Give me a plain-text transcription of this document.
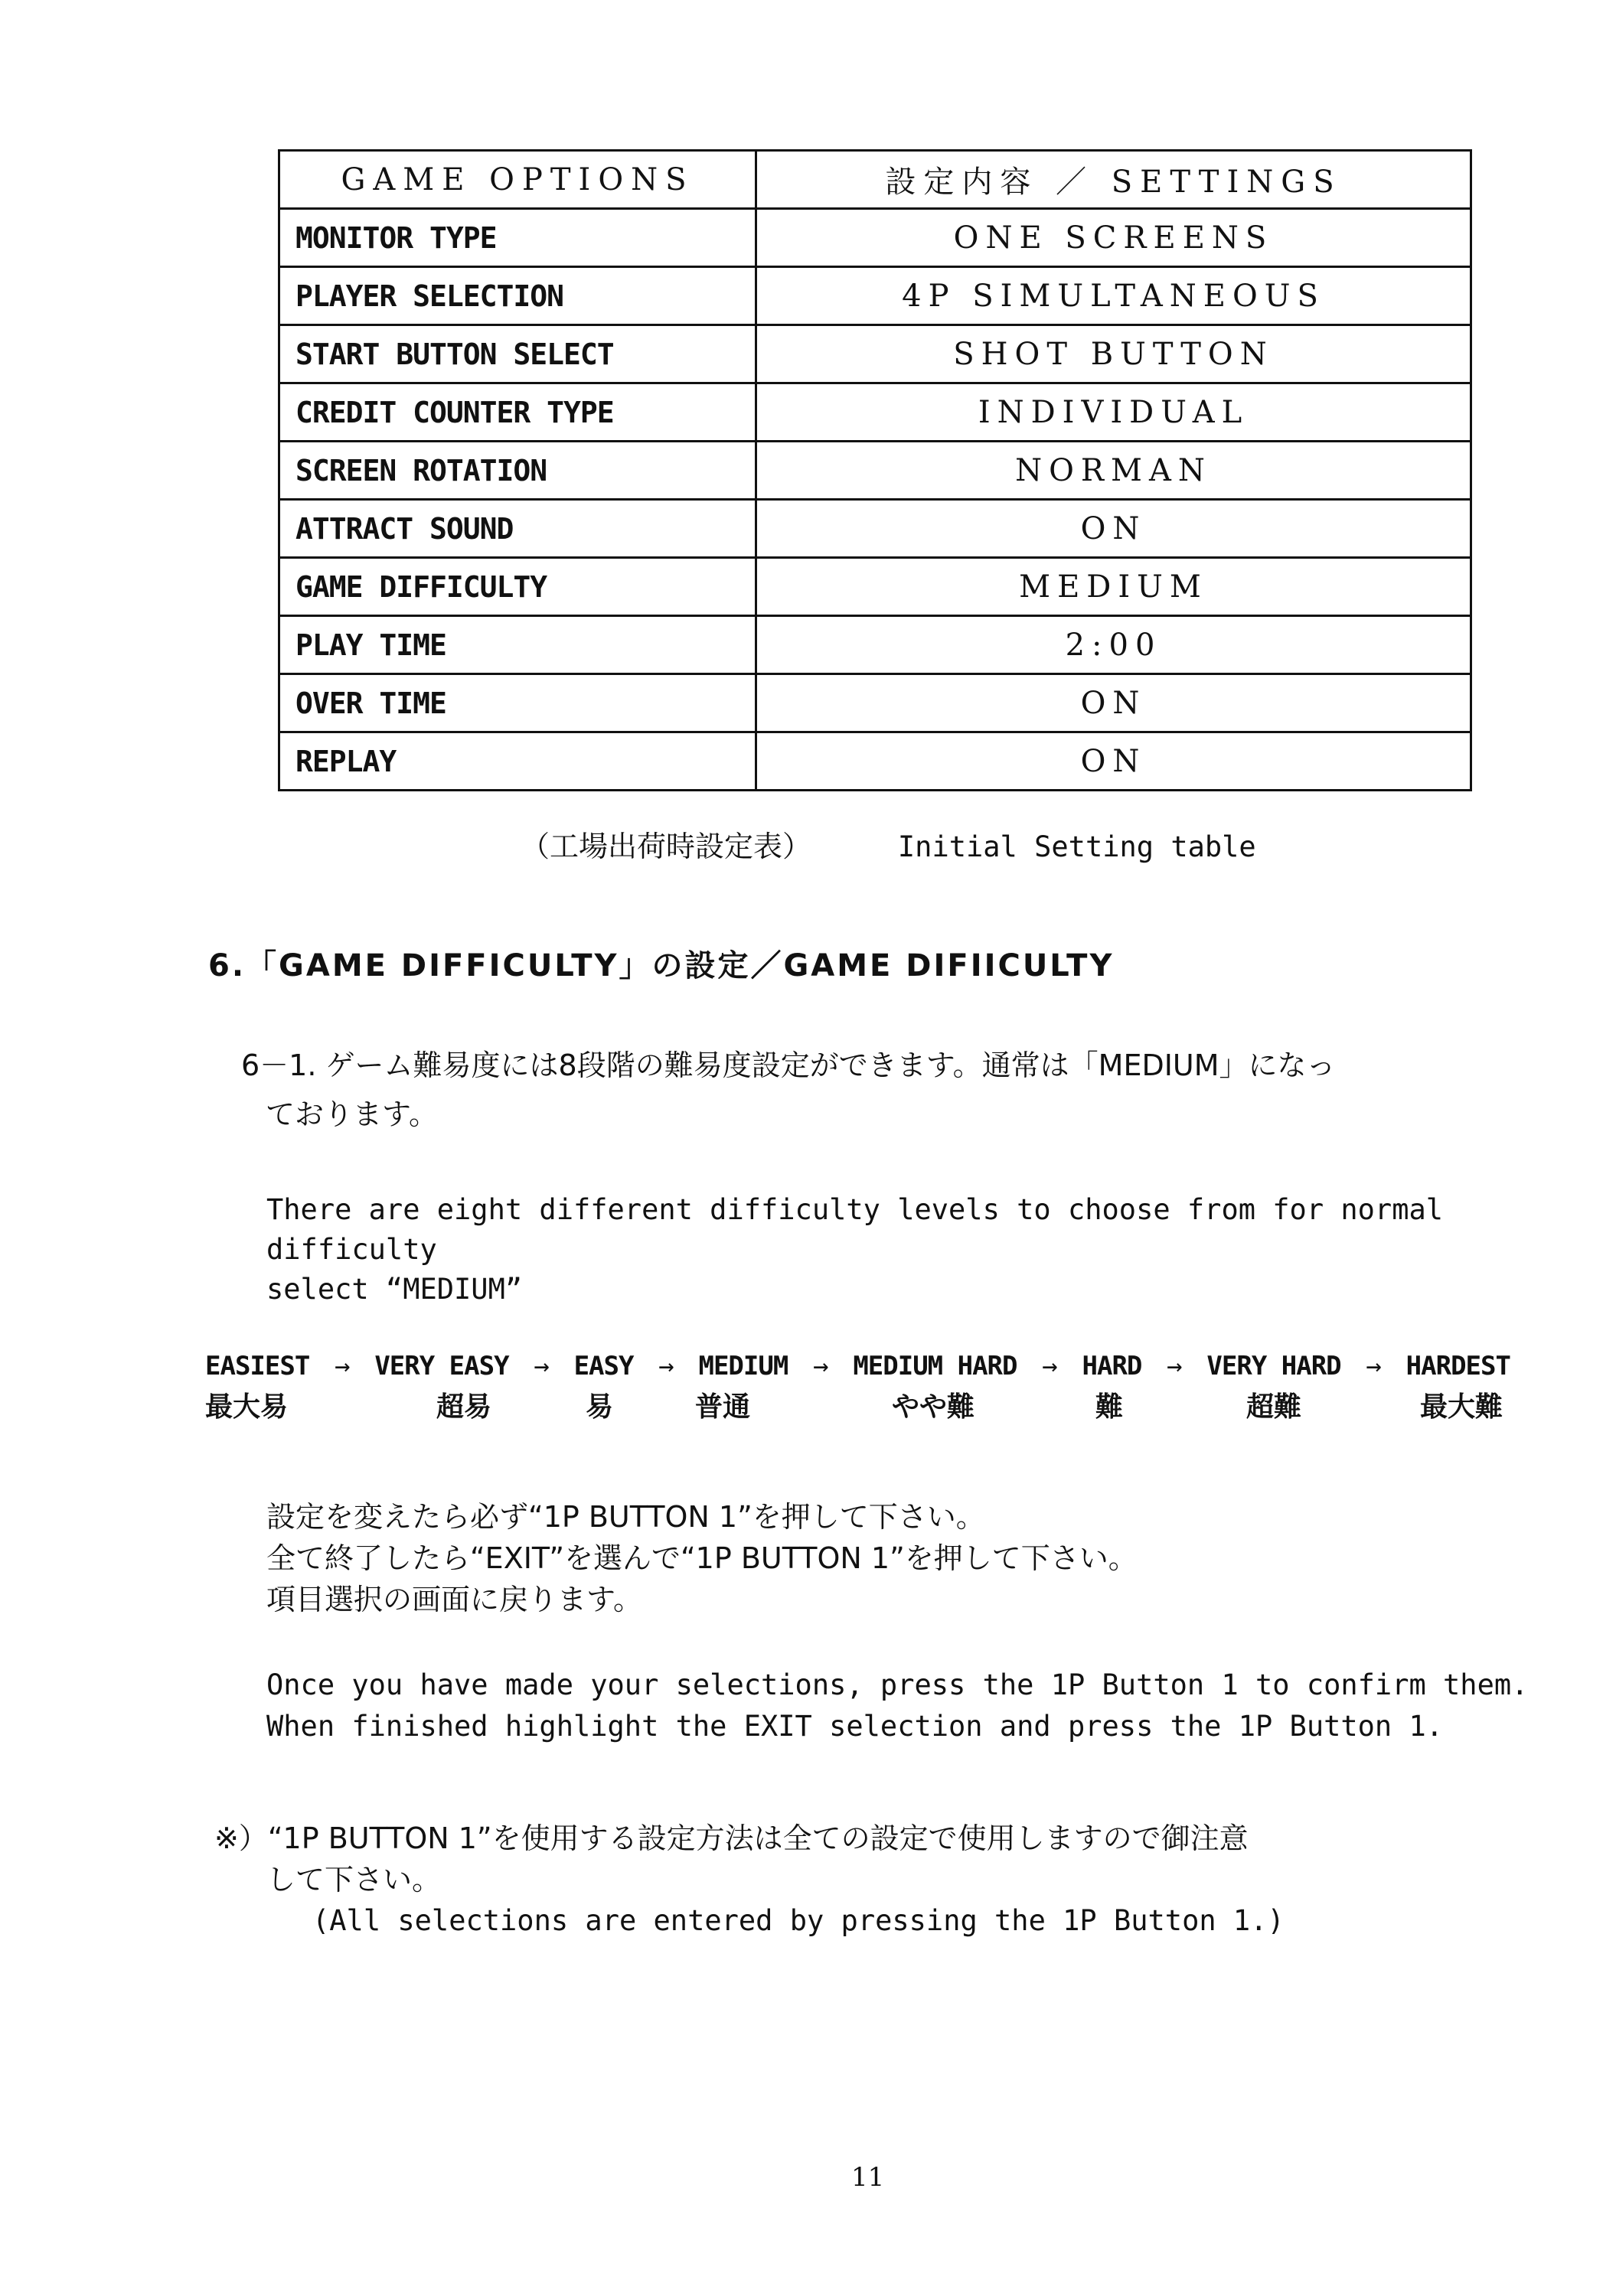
GAME OPTIONS	設定内容 ／ SETTINGS
MONITOR TYPE	ONE SCREENS
PLAYER SELECTION	4P SIMULTANEOUS
START BUTTON SELECT	SHOT BUTTON
CREDIT COUNTER TYPE	INDIVIDUAL
SCREEN ROTATION	NORMAN
ATTRACT SOUND	ON
GAME DIFFICULTY	MEDIUM
PLAY TIME	2:00
OVER TIME	ON
REPLAY	ON
（工場出荷時設定表）	Initial Setting table
6.「GAME DIFFICULTY」の設定／GAME DIFIICULTY
6－1. ゲーム難易度には8段階の難易度設定ができます。通常は「MEDIUM」になっ
ております。
There are eight different difficulty levels to choose from for normal difficulty
select “MEDIUM”
EASIEST → VERY EASY → EASY → MEDIUM → MEDIUM HARD → HARD → VERY HARD → HARDEST
最大易	超易	易	普通	やや難	難	超難	最大難
設定を変えたら必ず“1P BUTTON 1”を押して下さい。
全て終了したら“EXIT”を選んで“1P BUTTON 1”を押して下さい。
項目選択の画面に戻ります。
Once you have made your selections, press the 1P Button 1 to confirm them.
When finished highlight the EXIT selection and press the 1P Button 1.
※）“1P BUTTON 1”を使用する設定方法は全ての設定で使用しますので御注意
して下さい。
(All selections are entered by pressing the 1P Button 1.)
11
